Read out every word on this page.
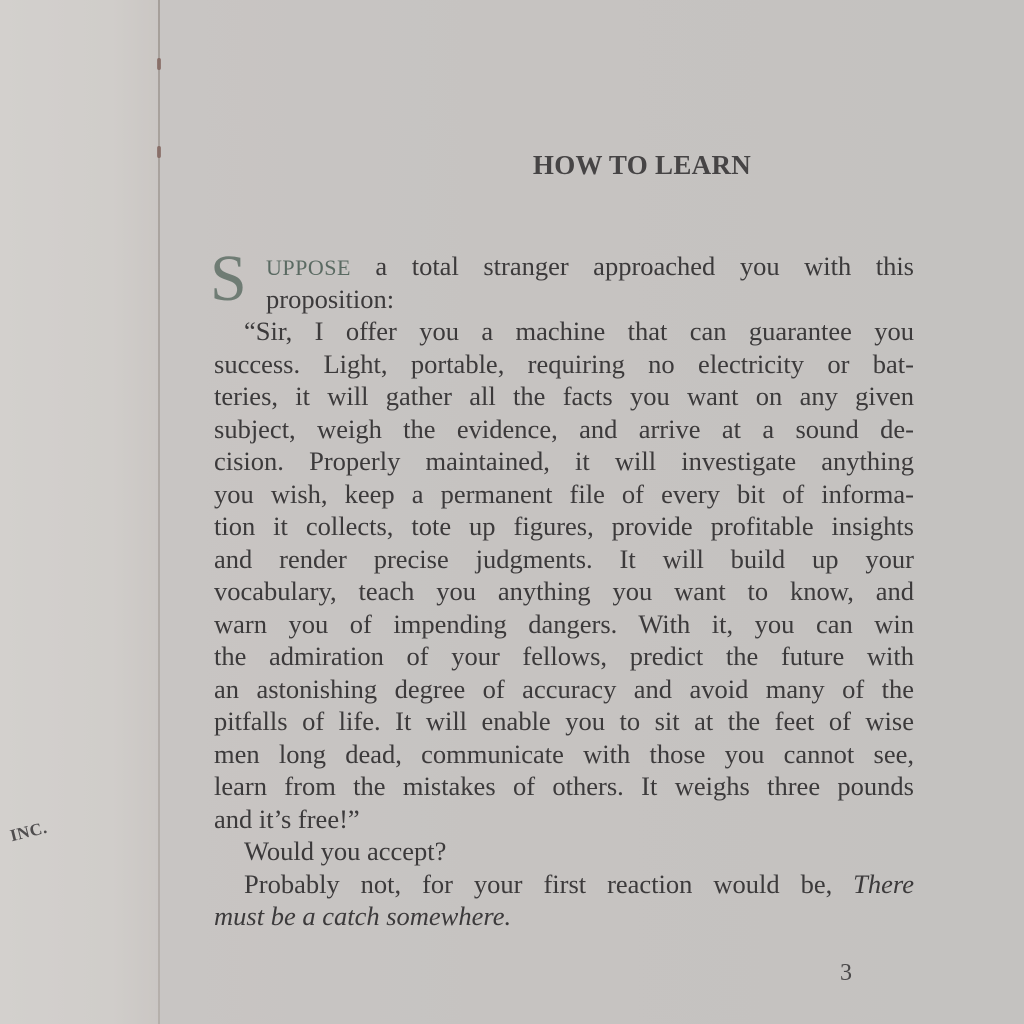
INC.
HOW TO LEARN
S UPPOSE a total stranger approached you with this
proposition:
“Sir, I offer you a machine that can guarantee you
success. Light, portable, requiring no electricity or bat-
teries, it will gather all the facts you want on any given
subject, weigh the evidence, and arrive at a sound de-
cision. Properly maintained, it will investigate anything
you wish, keep a permanent file of every bit of informa-
tion it collects, tote up figures, provide profitable insights
and render precise judgments. It will build up your
vocabulary, teach you anything you want to know, and
warn you of impending dangers. With it, you can win
the admiration of your fellows, predict the future with
an astonishing degree of accuracy and avoid many of the
pitfalls of life. It will enable you to sit at the feet of wise
men long dead, communicate with those you cannot see,
learn from the mistakes of others. It weighs three pounds
and it’s free!”
Would you accept?
Probably not, for your first reaction would be, There
must be a catch somewhere.
3
